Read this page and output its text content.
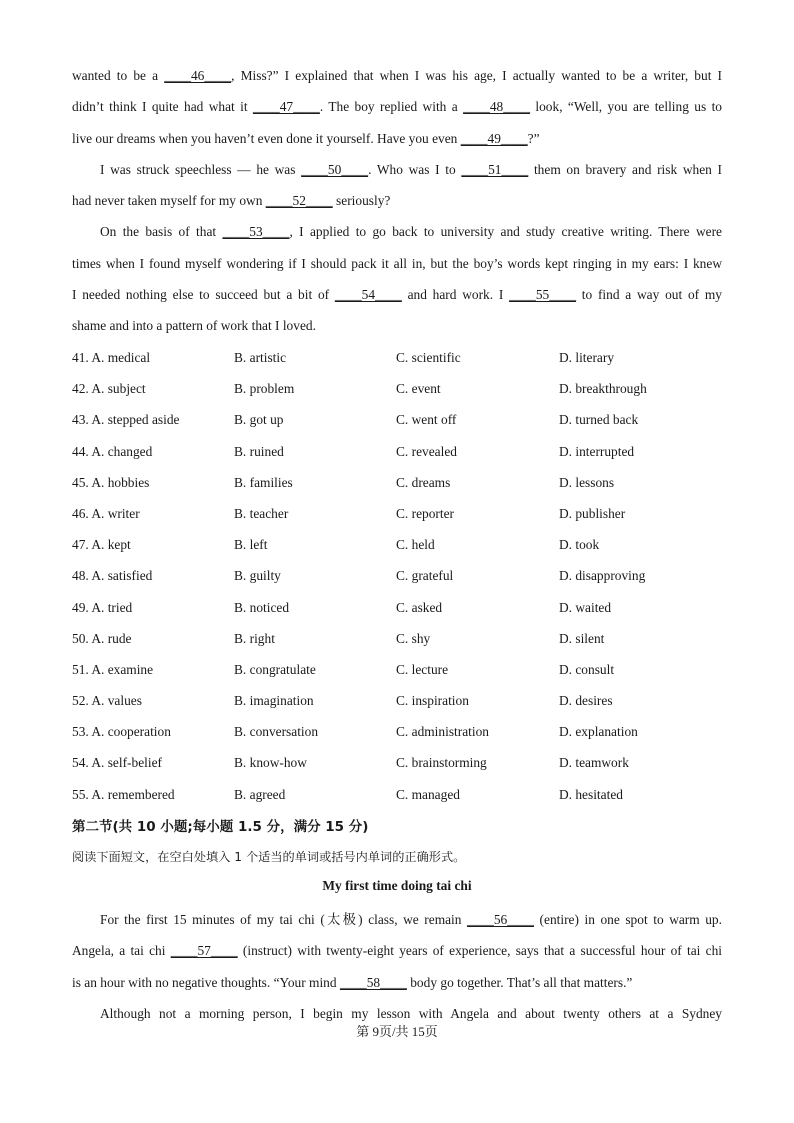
wanted to be a ____46____, Miss?” I explained that when I was his age, I actually wanted to be a writer, but I
didn’t think I quite had what it ____47____. The boy replied with a ____48____ look, “Well, you are telling us to
live our dreams when you haven’t even done it yourself. Have you even ____49____?”
I was struck speechless — he was ____50____. Who was I to ____51____ them on bravery and risk when I
had never taken myself for my own ____52____ seriously?
On the basis of that ____53____, I applied to go back to university and study creative writing. There were
times when I found myself wondering if I should pack it all in, but the boy’s words kept ringing in my ears: I knew
I needed nothing else to succeed but a bit of ____54____ and hard work. I ____55____ to find a way out of my
shame and into a pattern of work that I loved.
41. A. medical	B. artistic	C. scientific	D. literary
42. A. subject	B. problem	C. event	D. breakthrough
43. A. stepped aside	B. got up	C. went off	D. turned back
44. A. changed	B. ruined	C. revealed	D. interrupted
45. A. hobbies	B. families	C. dreams	D. lessons
46. A. writer	B. teacher	C. reporter	D. publisher
47. A. kept	B. left	C. held	D. took
48. A. satisfied	B. guilty	C. grateful	D. disapproving
49. A. tried	B. noticed	C. asked	D. waited
50. A. rude	B. right	C. shy	D. silent
51. A. examine	B. congratulate	C. lecture	D. consult
52. A. values	B. imagination	C. inspiration	D. desires
53. A. cooperation	B. conversation	C. administration	D. explanation
54. A. self-belief	B. know-how	C. brainstorming	D. teamwork
55. A. remembered	B. agreed	C. managed	D. hesitated
第二节(共 10 小题;每小题 1.5 分，满分 15 分)
阅读下面短文，在空白处填入 1 个适当的单词或括号内单词的正确形式。
My first time doing tai chi
For the first 15 minutes of my tai chi (太极) class, we remain ____56____ (entire) in one spot to warm up.
Angela, a tai chi ____57____ (instruct) with twenty-eight years of experience, says that a successful hour of tai chi
is an hour with no negative thoughts. “Your mind ____58____ body go together. That’s all that matters.”
Although not a morning person, I begin my lesson with Angela and about twenty others at a Sydney
第 9页/共 15页
